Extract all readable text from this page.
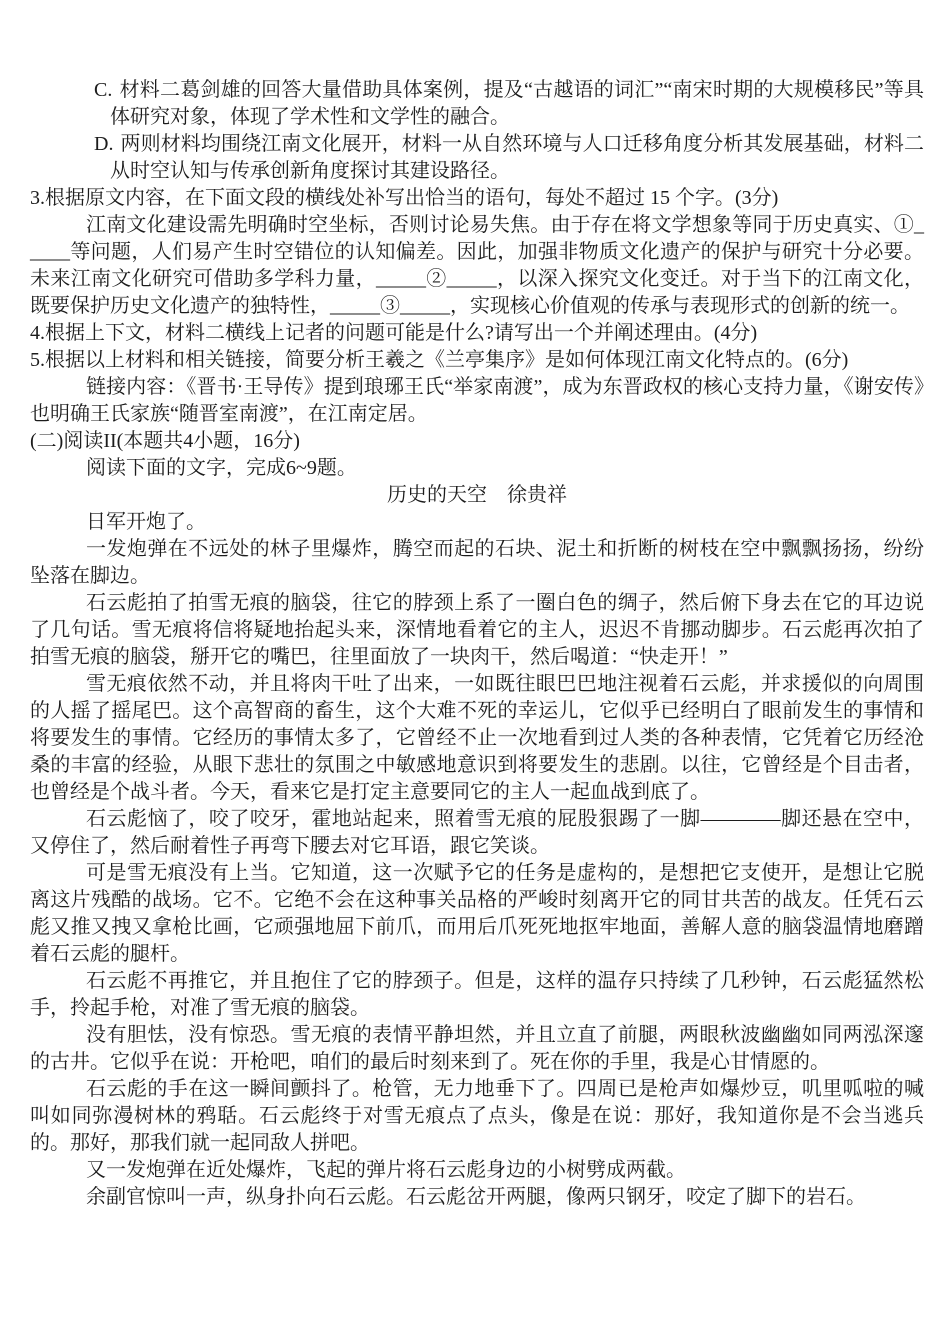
C. 材料二葛剑雄的回答大量借助具体案例，提及“古越语的词汇”“南宋时期的大规模移民”等具体研究对象，体现了学术性和文学性的融合。

D. 两则材料均围绕江南文化展开，材料一从自然环境与人口迁移角度分析其发展基础，材料二从时空认知与传承创新角度探讨其建设路径。

3.根据原文内容，在下面文段的横线处补写出恰当的语句，每处不超过 15 个字。(3分)

江南文化建设需先明确时空坐标，否则讨论易失焦。由于存在将文学想象等同于历史真实、①_____等问题，人们易产生时空错位的认知偏差。因此，加强非物质文化遗产的保护与研究十分必要。未来江南文化研究可借助多学科力量，_____②_____，以深入探究文化变迁。对于当下的江南文化，既要保护历史文化遗产的独特性，_____③_____，实现核心价值观的传承与表现形式的创新的统一。

4.根据上下文，材料二横线上记者的问题可能是什么?请写出一个并阐述理由。(4分)

5.根据以上材料和相关链接，简要分析王羲之《兰亭集序》是如何体现江南文化特点的。(6分)

链接内容：《晋书·王导传》提到琅琊王氏“举家南渡”，成为东晋政权的核心支持力量，《谢安传》也明确王氏家族“随晋室南渡”，在江南定居。

(二)阅读II(本题共4小题，16分)

阅读下面的文字，完成6~9题。

历史的天空　徐贵祥

日军开炮了。

一发炮弹在不远处的林子里爆炸，腾空而起的石块、泥土和折断的树枝在空中飘飘扬扬，纷纷坠落在脚边。

石云彪拍了拍雪无痕的脑袋，往它的脖颈上系了一圈白色的绸子，然后俯下身去在它的耳边说了几句话。雪无痕将信将疑地抬起头来，深情地看着它的主人，迟迟不肯挪动脚步。石云彪再次拍了拍雪无痕的脑袋，掰开它的嘴巴，往里面放了一块肉干，然后喝道：“快走开！”

雪无痕依然不动，并且将肉干吐了出来，一如既往眼巴巴地注视着石云彪，并求援似的向周围的人摇了摇尾巴。这个高智商的畜生，这个大难不死的幸运儿，它似乎已经明白了眼前发生的事情和将要发生的事情。它经历的事情太多了，它曾经不止一次地看到过人类的各种表情，它凭着它历经沧桑的丰富的经验，从眼下悲壮的氛围之中敏感地意识到将要发生的悲剧。以往，它曾经是个目击者，也曾经是个战斗者。今天，看来它是打定主意要同它的主人一起血战到底了。

石云彪恼了，咬了咬牙，霍地站起来，照着雪无痕的屁股狠踢了一脚————脚还悬在空中，又停住了，然后耐着性子再弯下腰去对它耳语，跟它笑谈。

可是雪无痕没有上当。它知道，这一次赋予它的任务是虚构的，是想把它支使开，是想让它脱离这片残酷的战场。它不。它绝不会在这种事关品格的严峻时刻离开它的同甘共苦的战友。任凭石云彪又推又拽又拿枪比画，它顽强地屈下前爪，而用后爪死死地抠牢地面，善解人意的脑袋温情地磨蹭着石云彪的腿杆。

石云彪不再推它，并且抱住了它的脖颈子。但是，这样的温存只持续了几秒钟，石云彪猛然松手，拎起手枪，对准了雪无痕的脑袋。

没有胆怯，没有惊恐。雪无痕的表情平静坦然，并且立直了前腿，两眼秋波幽幽如同两泓深邃的古井。它似乎在说：开枪吧，咱们的最后时刻来到了。死在你的手里，我是心甘情愿的。

石云彪的手在这一瞬间颤抖了。枪管，无力地垂下了。四周已是枪声如爆炒豆，叽里呱啦的喊叫如同弥漫树林的鸦聒。石云彪终于对雪无痕点了点头，像是在说：那好，我知道你是不会当逃兵的。那好，那我们就一起同敌人拼吧。

又一发炮弹在近处爆炸，飞起的弹片将石云彪身边的小树劈成两截。

余副官惊叫一声，纵身扑向石云彪。石云彪岔开两腿，像两只钢牙，咬定了脚下的岩石。
